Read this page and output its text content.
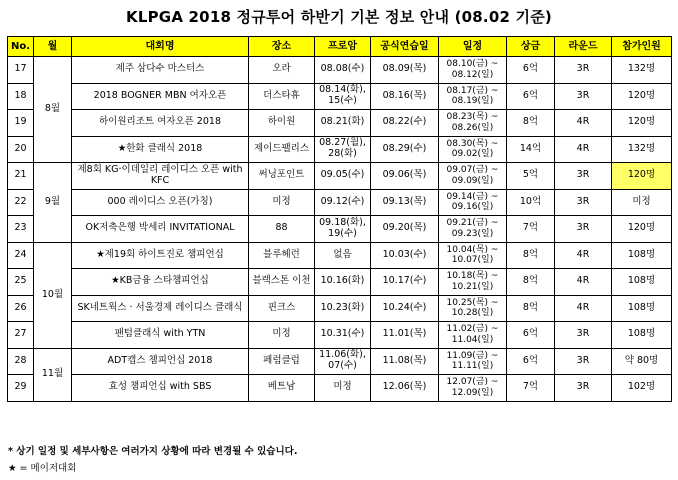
KLPGA 2018 정규투어 하반기 기본 정보 안내 (08.02 기준)
No.	월	대회명	장소	프로암	공식연습일	일정	상금	라운드	참가인원
17	8월	제주 삼다수 마스터스	오라	08.08(수)	08.09(목)	08.10(금) ~
08.12(일)	6억	3R	132명
18		2018 BOGNER MBN 여자오픈	더스타휴	08.14(화), 15(수)	08.16(목)	08.17(금) ~
08.19(일)	6억	3R	120명
19		하이원리조트 여자오픈 2018	하이원	08.21(화)	08.22(수)	08.23(목) ~
08.26(일)	8억	4R	120명
20		★한화 클래식 2018	제이드팰리스	08.27(월), 28(화)	08.29(수)	08.30(목) ~
09.02(일)	14억	4R	132명
21	9월	제8회 KG·이데일리 레이디스 오픈 with KFC	써닝포인트	09.05(수)	09.06(목)	09.07(금) ~
09.09(일)	5억	3R	120명
22		000 레이디스 오픈(가칭)	미정	09.12(수)	09.13(목)	09.14(금) ~
09.16(일)	10억	3R	미정
23		OK저축은행 박세리 INVITATIONAL	88	09.18(화), 19(수)	09.20(목)	09.21(금) ~
09.23(일)	7억	3R	120명
24	10월	★제19회 하이트진로 챔피언십	블루헤런	없음	10.03(수)	10.04(목) ~
10.07(일)	8억	4R	108명
25		★KB금융 스타챔피언십	블랙스톤 이천	10.16(화)	10.17(수)	10.18(목) ~
10.21(일)	8억	4R	108명
26		SK네트웍스 · 서울경제 레이디스 클래식	핀크스	10.23(화)	10.24(수)	10.25(목) ~
10.28(일)	8억	4R	108명
27		팬텀클래식 with YTN	미정	10.31(수)	11.01(목)	11.02(금) ~
11.04(일)	6억	3R	108명
28	11월	ADT캡스 챔피언십 2018	페럼클럽	11.06(화), 07(수)	11.08(목)	11.09(금) ~
11.11(일)	6억	3R	약 80명
29		효성 챔피언십 with SBS	베트남	미정	12.06(목)	12.07(금) ~
12.09(일)	7억	3R	102명
* 상기 일정 및 세부사항은 여러가지 상황에 따라 변경될 수 있습니다.
★ = 메이저대회
